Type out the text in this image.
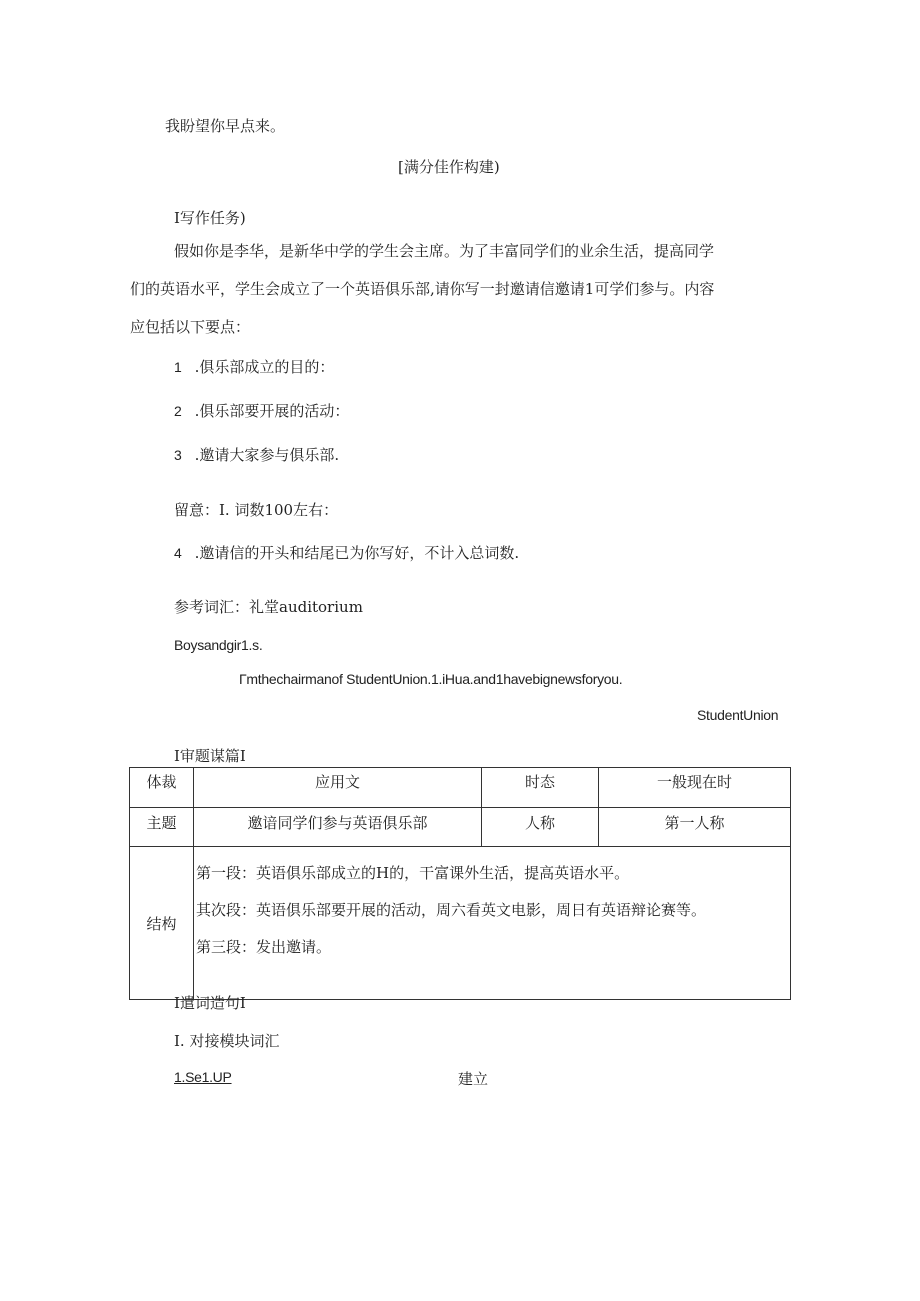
我盼望你早点来。
[满分佳作构建)
I写作任务)
假如你是李华，是新华中学的学生会主席。为了丰富同学们的业余生活，提高同学
们的英语水平，学生会成立了一个英语俱乐部,请你写一封邀请信邀请1可学们参与。内容
应包括以下要点：
1 .俱乐部成立的目的：
2 .俱乐部要开展的活动：
3 .邀请大家参与俱乐部.
留意：I. 词数100左右：
4 .邀请信的开头和结尾已为你写好，不计入总词数.
参考词汇：礼堂auditorium
Boysandgir1.s.
Γmthechairmanof StudentUnion.1.iHua.and1havebignewsforyou.
StudentUnion
I审题谋篇I
体裁	应用文	时态	一般现在时
主题	邀谙同学们参与英语俱乐部	人称	第一人称
结构	第一段：英语俱乐部成立的H的，干富课外生活，提高英语水平。
其次段：英语俱乐部要开展的活动，周六看英文电影，周日有英语辩论赛等。
第三段：发出邀请。		
I遣词造句I
I. 对接模块词汇
1.Se1.UP	建立
